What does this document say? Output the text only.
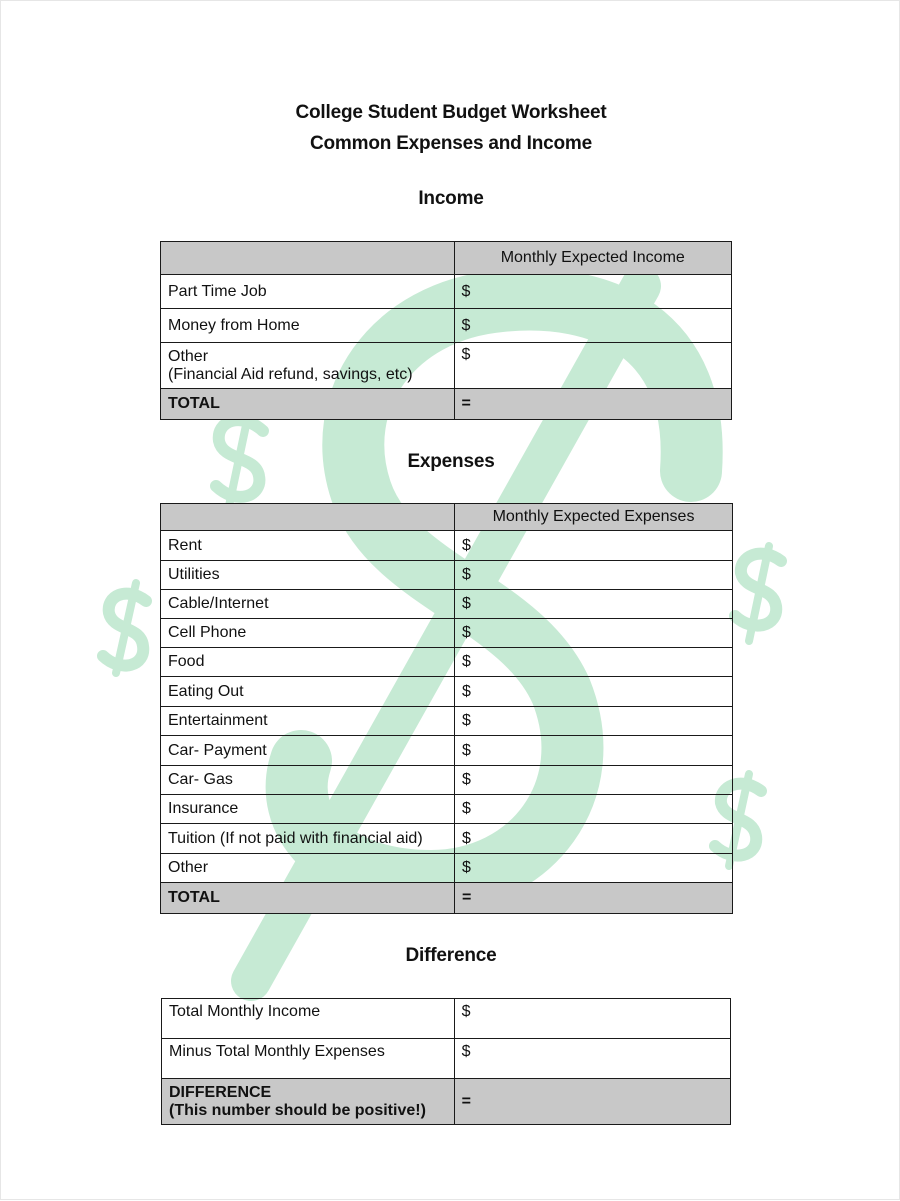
College Student Budget Worksheet
Common Expenses and Income
Income
	Monthly Expected Income
Part Time Job	$
Money from Home	$

Other
(Financial Aid refund, savings, etc)	$
TOTAL	=
Expenses
	Monthly Expected Expenses
Rent	$
Utilities	$
Cable/Internet	$
Cell Phone	$
Food	$
Eating Out	$
Entertainment	$
Car- Payment	$
Car- Gas	$
Insurance	$
Tuition (If not paid with financial aid)	$
Other	$
TOTAL	=
Difference
Total Monthly Income	$
Minus Total Monthly Expenses	$

DIFFERENCE
(This number should be positive!)	=
